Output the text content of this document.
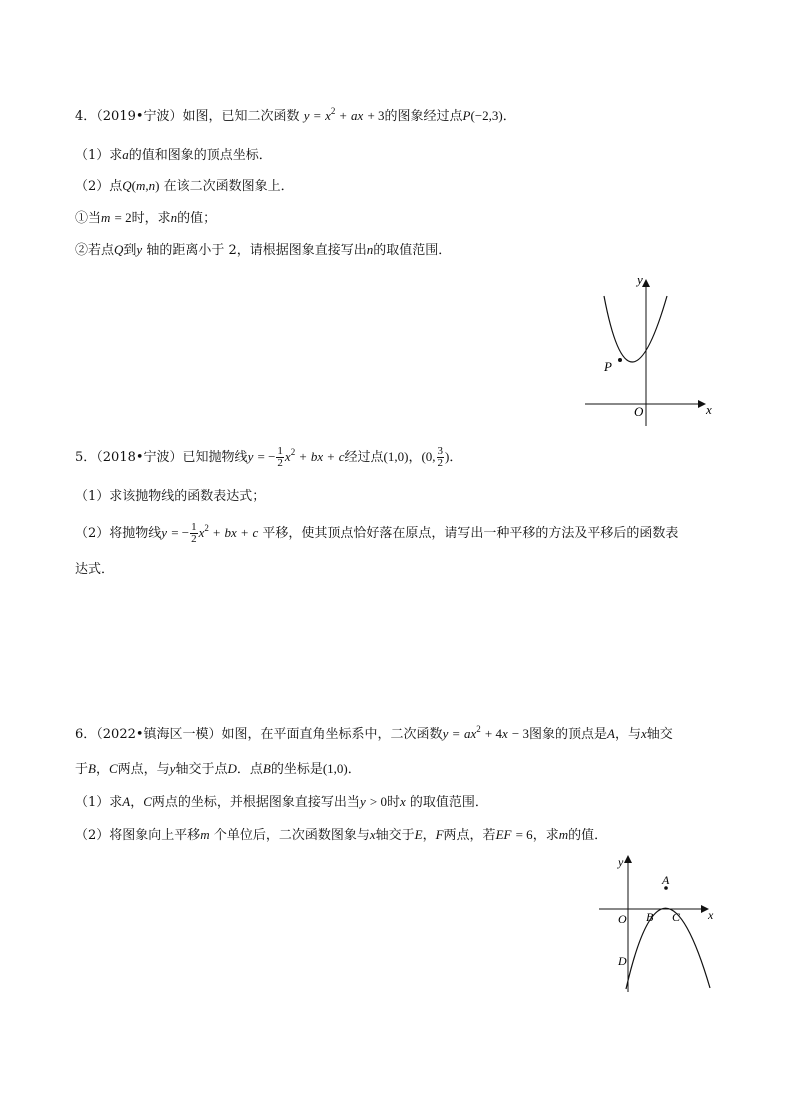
4．（2019•宁波）如图，已知二次函数 $y = x^2$ + ax + 3的图象经过点P(−2,3)．
（1）求a的值和图象的顶点坐标．
（2）点Q(m,n) 在该二次函数图象上．
①当m = 2时，求n的值；
②若点Q到y 轴的距离小于 2，请根据图象直接写出n的取值范围．
P
y
x
O
5．（2018•宁波）已知抛物线y = − $\frac{1}{2} x^2$ + bx + c经过点(1,0)，(0, $\frac{3}{2}$ )．
（1）求该抛物线的函数表达式；
（2）将抛物线y = − $\frac{1}{2} x^2$ + bx + c 平移，使其顶点恰好落在原点，请写出一种平移的方法及平移后的函数表
达式．
6．（2022•镇海区一模）如图，在平面直角坐标系中，二次函数$y = ax^2 + 4x - 3$图象的顶点是A，与x轴交
于B，C两点，与y轴交于点D．点B的坐标是(1,0)．
（1）求A，C两点的坐标，并根据图象直接写出当y > 0时x 的取值范围．
（2）将图象向上平移m 个单位后，二次函数图象与x轴交于E，F两点，若EF = 6，求m的值．
y
x
O
A
B C
D
